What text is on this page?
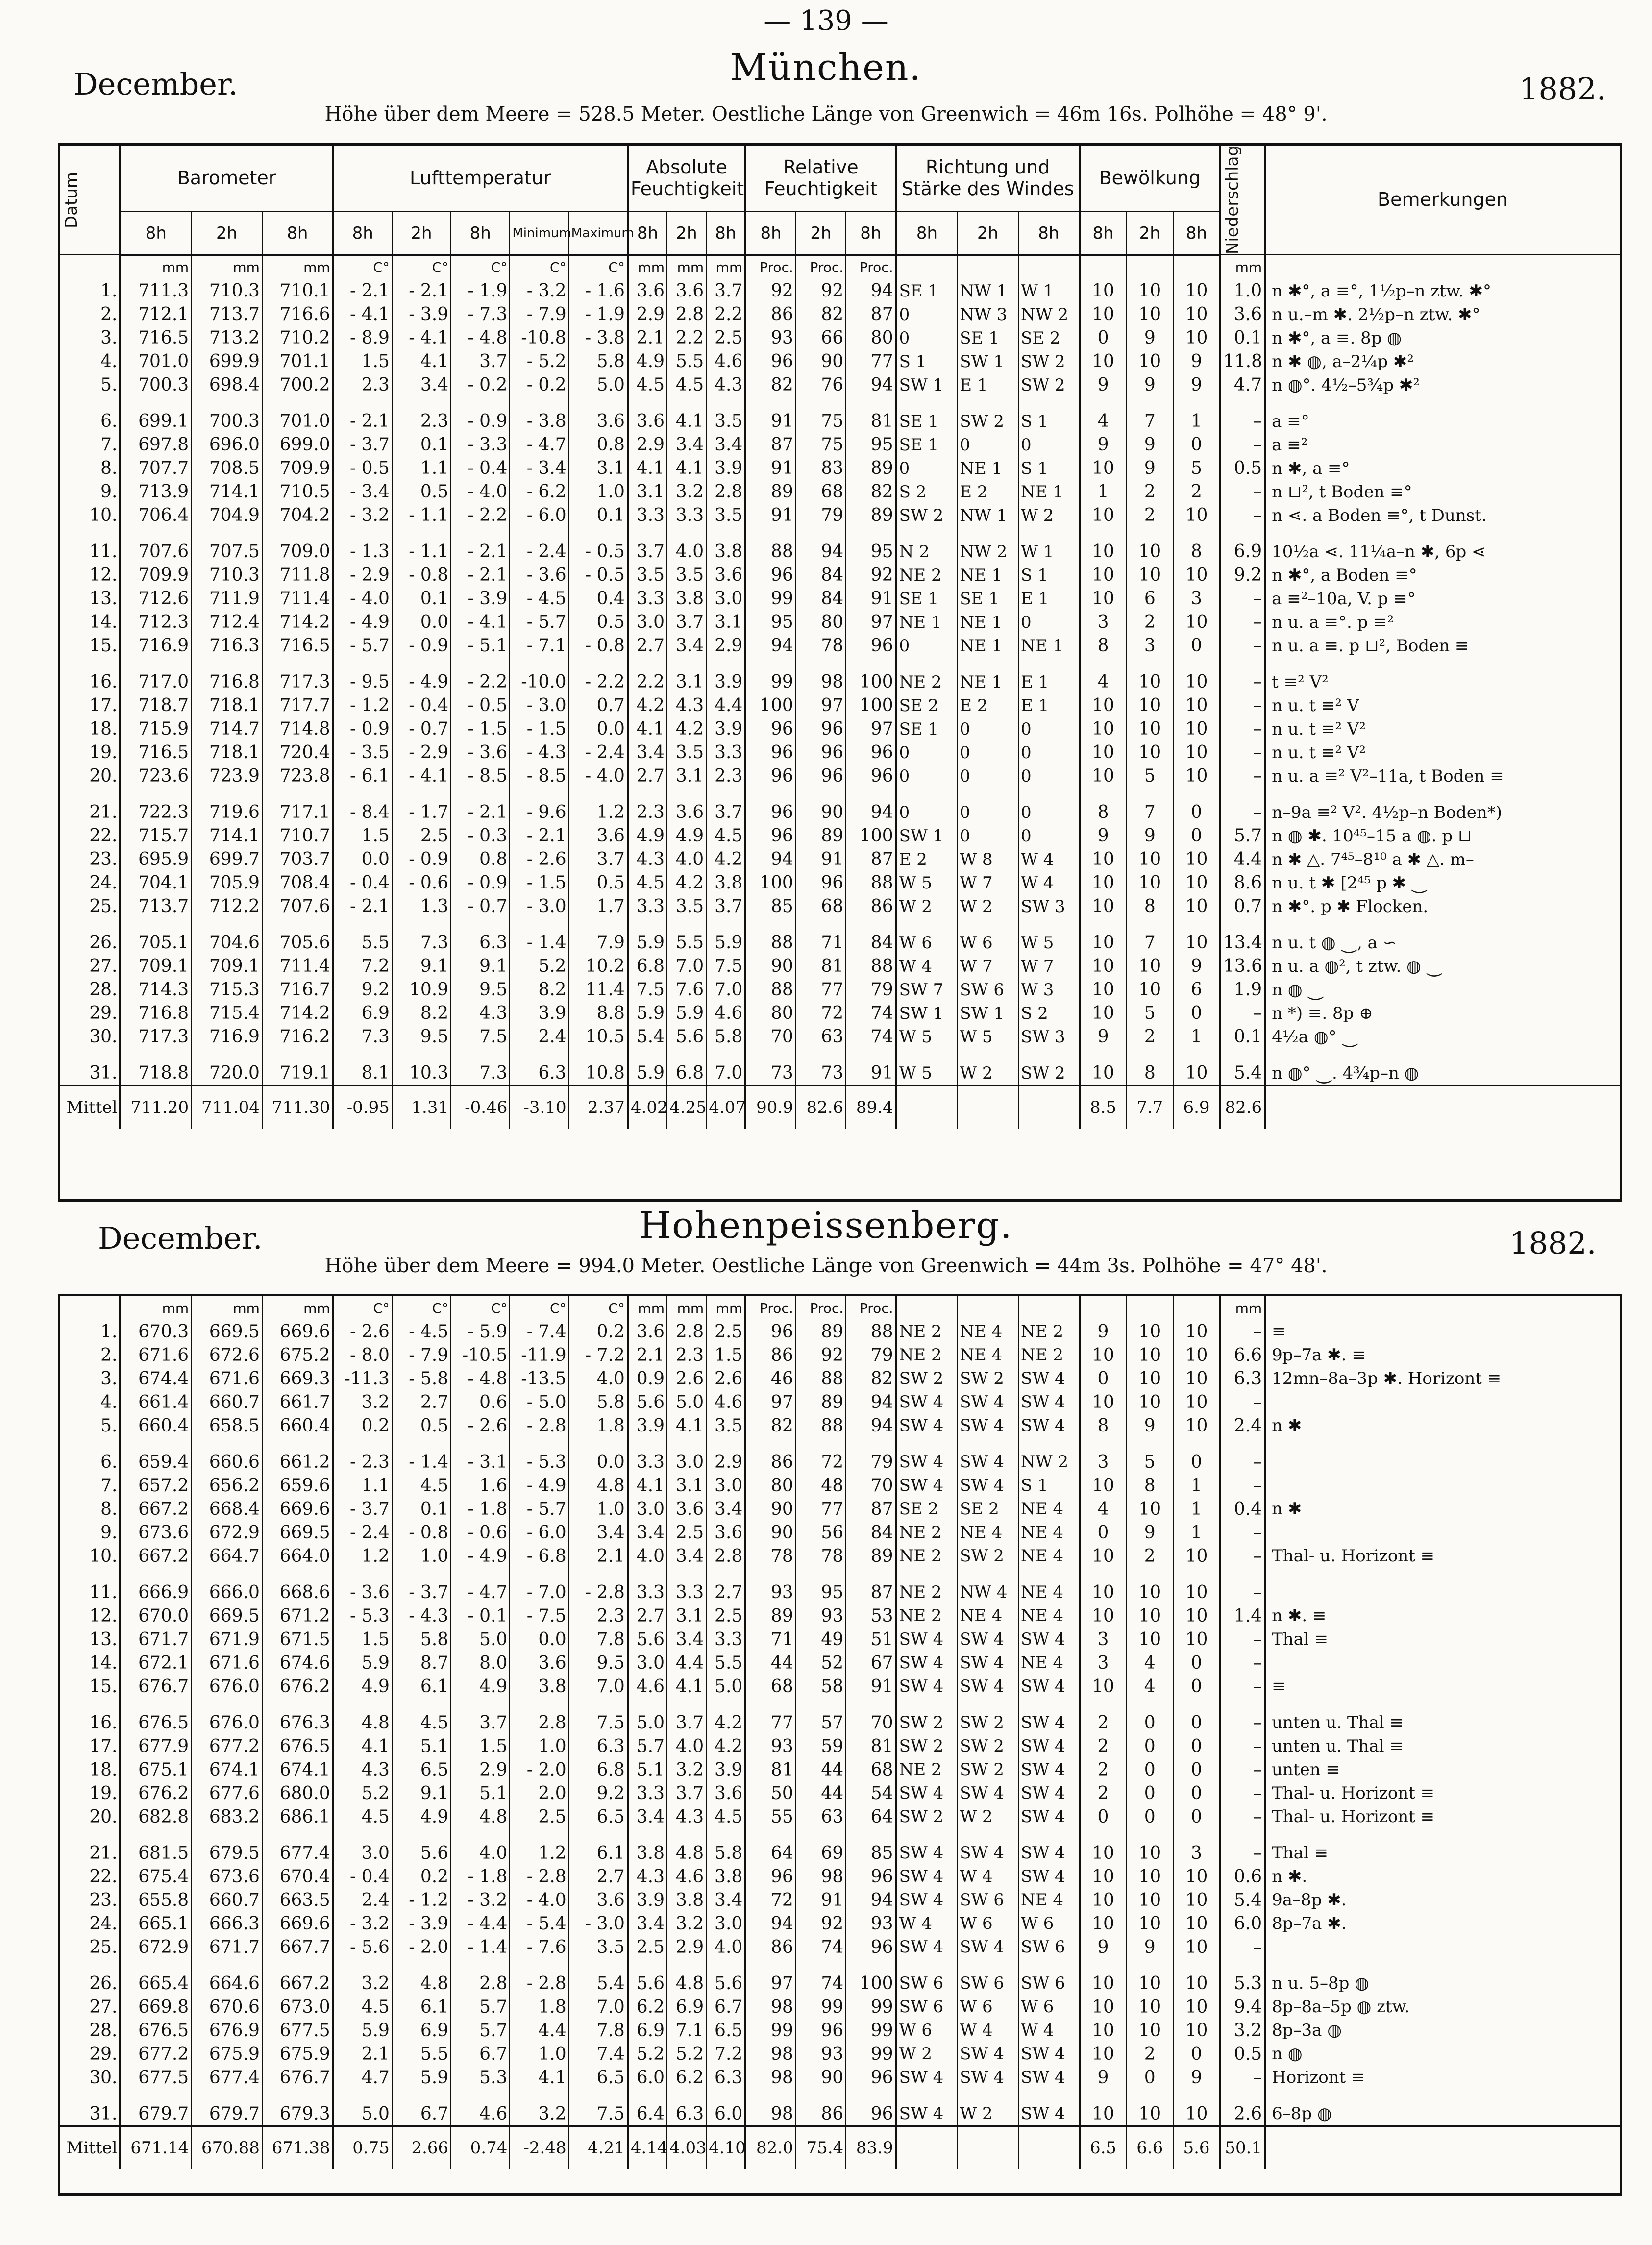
— 139 —
December.	München.
1882.
Höhe über dem Meere = 528.5 Meter. Oestliche Länge von Greenwich = 46m 16s. Polhöhe = 48° 9'.
Datum	Barometer			Lufttemperatur					Absolute Feuchtigkeit			Relative Feuchtigkeit			Richtung und Stärke des Windes			Bewölkung			Niederschlag	Bemerkungen
	8h	2h	8h	8h	2h	8h	Minimum	Maximum	8h	2h	8h	8h	2h	8h	8h	2h	8h	8h	2h	8h		
	mm	mm	mm	C°	C°	C°	C°	C°	mm	mm	mm	Proc.	Proc.	Proc.							mm	
1.	711.3	710.3	710.1	- 2.1	- 2.1	- 1.9	- 3.2	- 1.6	3.6	3.6	3.7	92	92	94	SE 1	NW 1	W 1	10	10	10	1.0	n ✱°, a ≡°, 1½p–n ztw. ✱°
2.	712.1	713.7	716.6	- 4.1	- 3.9	- 7.3	- 7.9	- 1.9	2.9	2.8	2.2	86	82	87	0	NW 3	NW 2	10	10	10	3.6	n u.–m ✱. 2½p–n ztw. ✱°
3.	716.5	713.2	710.2	- 8.9	- 4.1	- 4.8	-10.8	- 3.8	2.1	2.2	2.5	93	66	80	0	SE 1	SE 2	0	9	10	0.1	n ✱°, a ≡. 8p ◍
4.	701.0	699.9	701.1	1.5	4.1	3.7	- 5.2	5.8	4.9	5.5	4.6	96	90	77	S 1	SW 1	SW 2	10	10	9	11.8	n ✱ ◍, a–2¼p ✱²
5.	700.3	698.4	700.2	2.3	3.4	- 0.2	- 0.2	5.0	4.5	4.5	4.3	82	76	94	SW 1	E 1	SW 2	9	9	9	4.7	n ◍°. 4½–5¾p ✱²
6.	699.1	700.3	701.0	- 2.1	2.3	- 0.9	- 3.8	3.6	3.6	4.1	3.5	91	75	81	SE 1	SW 2	S 1	4	7	1	–	a ≡°
7.	697.8	696.0	699.0	- 3.7	0.1	- 3.3	- 4.7	0.8	2.9	3.4	3.4	87	75	95	SE 1	0	0	9	9	0	–	a ≡²
8.	707.7	708.5	709.9	- 0.5	1.1	- 0.4	- 3.4	3.1	4.1	4.1	3.9	91	83	89	0	NE 1	S 1	10	9	5	0.5	n ✱, a ≡°
9.	713.9	714.1	710.5	- 3.4	0.5	- 4.0	- 6.2	1.0	3.1	3.2	2.8	89	68	82	S 2	E 2	NE 1	1	2	2	–	n ⊔², t Boden ≡°
10.	706.4	704.9	704.2	- 3.2	- 1.1	- 2.2	- 6.0	0.1	3.3	3.3	3.5	91	79	89	SW 2	NW 1	W 2	10	2	10	–	n ⋖. a Boden ≡°, t Dunst.
11.	707.6	707.5	709.0	- 1.3	- 1.1	- 2.1	- 2.4	- 0.5	3.7	4.0	3.8	88	94	95	N 2	NW 2	W 1	10	10	8	6.9	10½a ⋖. 11¼a–n ✱, 6p ⋖
12.	709.9	710.3	711.8	- 2.9	- 0.8	- 2.1	- 3.6	- 0.5	3.5	3.5	3.6	96	84	92	NE 2	NE 1	S 1	10	10	10	9.2	n ✱°, a Boden ≡°
13.	712.6	711.9	711.4	- 4.0	0.1	- 3.9	- 4.5	0.4	3.3	3.8	3.0	99	84	91	SE 1	SE 1	E 1	10	6	3	–	a ≡²–10a, V. p ≡°
14.	712.3	712.4	714.2	- 4.9	0.0	- 4.1	- 5.7	0.5	3.0	3.7	3.1	95	80	97	NE 1	NE 1	0	3	2	10	–	n u. a ≡°. p ≡²
15.	716.9	716.3	716.5	- 5.7	- 0.9	- 5.1	- 7.1	- 0.8	2.7	3.4	2.9	94	78	96	0	NE 1	NE 1	8	3	0	–	n u. a ≡. p ⊔², Boden ≡
16.	717.0	716.8	717.3	- 9.5	- 4.9	- 2.2	-10.0	- 2.2	2.2	3.1	3.9	99	98	100	NE 2	NE 1	E 1	4	10	10	–	t ≡² V²
17.	718.7	718.1	717.7	- 1.2	- 0.4	- 0.5	- 3.0	0.7	4.2	4.3	4.4	100	97	100	SE 2	E 2	E 1	10	10	10	–	n u. t ≡² V
18.	715.9	714.7	714.8	- 0.9	- 0.7	- 1.5	- 1.5	0.0	4.1	4.2	3.9	96	96	97	SE 1	0	0	10	10	10	–	n u. t ≡² V²
19.	716.5	718.1	720.4	- 3.5	- 2.9	- 3.6	- 4.3	- 2.4	3.4	3.5	3.3	96	96	96	0	0	0	10	10	10	–	n u. t ≡² V²
20.	723.6	723.9	723.8	- 6.1	- 4.1	- 8.5	- 8.5	- 4.0	2.7	3.1	2.3	96	96	96	0	0	0	10	5	10	–	n u. a ≡² V²–11a, t Boden ≡
21.	722.3	719.6	717.1	- 8.4	- 1.7	- 2.1	- 9.6	1.2	2.3	3.6	3.7	96	90	94	0	0	0	8	7	0	–	n–9a ≡² V². 4½p–n Boden*)
22.	715.7	714.1	710.7	1.5	2.5	- 0.3	- 2.1	3.6	4.9	4.9	4.5	96	89	100	SW 1	0	0	9	9	0	5.7	n ◍ ✱. 10⁴⁵–15 a ◍. p ⊔
23.	695.9	699.7	703.7	0.0	- 0.9	0.8	- 2.6	3.7	4.3	4.0	4.2	94	91	87	E 2	W 8	W 4	10	10	10	4.4	n ✱ △. 7⁴⁵–8¹⁰ a ✱ △. m–
24.	704.1	705.9	708.4	- 0.4	- 0.6	- 0.9	- 1.5	0.5	4.5	4.2	3.8	100	96	88	W 5	W 7	W 4	10	10	10	8.6	n u. t ✱ [2⁴⁵ p ✱ ⏝
25.	713.7	712.2	707.6	- 2.1	1.3	- 0.7	- 3.0	1.7	3.3	3.5	3.7	85	68	86	W 2	W 2	SW 3	10	8	10	0.7	n ✱°. p ✱ Flocken.
26.	705.1	704.6	705.6	5.5	7.3	6.3	- 1.4	7.9	5.9	5.5	5.9	88	71	84	W 6	W 6	W 5	10	7	10	13.4	n u. t ◍ ⏝, a ∽
27.	709.1	709.1	711.4	7.2	9.1	9.1	5.2	10.2	6.8	7.0	7.5	90	81	88	W 4	W 7	W 7	10	10	9	13.6	n u. a ◍², t ztw. ◍ ⏝
28.	714.3	715.3	716.7	9.2	10.9	9.5	8.2	11.4	7.5	7.6	7.0	88	77	79	SW 7	SW 6	W 3	10	10	6	1.9	n ◍ ⏝
29.	716.8	715.4	714.2	6.9	8.2	4.3	3.9	8.8	5.9	5.9	4.6	80	72	74	SW 1	SW 1	S 2	10	5	0	–	n *) ≡. 8p ⊕
30.	717.3	716.9	716.2	7.3	9.5	7.5	2.4	10.5	5.4	5.6	5.8	70	63	74	W 5	W 5	SW 3	9	2	1	0.1	4½a ◍° ⏝
31.	718.8	720.0	719.1	8.1	10.3	7.3	6.3	10.8	5.9	6.8	7.0	73	73	91	W 5	W 2	SW 2	10	8	10	5.4	n ◍° ⏝. 4¾p–n ◍
Mittel	711.20	711.04	711.30	-0.95	1.31	-0.46	-3.10	2.37	4.02	4.25	4.07	90.9	82.6	89.4				8.5	7.7	6.9	82.6	
December.	Hohenpeissenberg.	1882.
Höhe über dem Meere = 994.0 Meter. Oestliche Länge von Greenwich = 44m 3s. Polhöhe = 47° 48'.
	mm	mm	mm	C°	C°	C°	C°	C°	mm	mm	mm	Proc.	Proc.	Proc.							mm	
1.	670.3	669.5	669.6	- 2.6	- 4.5	- 5.9	- 7.4	0.2	3.6	2.8	2.5	96	89	88	NE 2	NE 4	NE 2	9	10	10	–	≡
2.	671.6	672.6	675.2	- 8.0	- 7.9	-10.5	-11.9	- 7.2	2.1	2.3	1.5	86	92	79	NE 2	NE 4	NE 2	10	10	10	6.6	9p–7a ✱. ≡
3.	674.4	671.6	669.3	-11.3	- 5.8	- 4.8	-13.5	4.0	0.9	2.6	2.6	46	88	82	SW 2	SW 2	SW 4	0	10	10	6.3	12mn–8a–3p ✱. Horizont ≡
4.	661.4	660.7	661.7	3.2	2.7	0.6	- 5.0	5.8	5.6	5.0	4.6	97	89	94	SW 4	SW 4	SW 4	10	10	10	–	
5.	660.4	658.5	660.4	0.2	0.5	- 2.6	- 2.8	1.8	3.9	4.1	3.5	82	88	94	SW 4	SW 4	SW 4	8	9	10	2.4	n ✱
6.	659.4	660.6	661.2	- 2.3	- 1.4	- 3.1	- 5.3	0.0	3.3	3.0	2.9	86	72	79	SW 4	SW 4	NW 2	3	5	0	–	
7.	657.2	656.2	659.6	1.1	4.5	1.6	- 4.9	4.8	4.1	3.1	3.0	80	48	70	SW 4	SW 4	S 1	10	8	1	–	
8.	667.2	668.4	669.6	- 3.7	0.1	- 1.8	- 5.7	1.0	3.0	3.6	3.4	90	77	87	SE 2	SE 2	NE 4	4	10	1	0.4	n ✱
9.	673.6	672.9	669.5	- 2.4	- 0.8	- 0.6	- 6.0	3.4	3.4	2.5	3.6	90	56	84	NE 2	NE 4	NE 4	0	9	1	–	
10.	667.2	664.7	664.0	1.2	1.0	- 4.9	- 6.8	2.1	4.0	3.4	2.8	78	78	89	NE 2	SW 2	NE 4	10	2	10	–	Thal- u. Horizont ≡
11.	666.9	666.0	668.6	- 3.6	- 3.7	- 4.7	- 7.0	- 2.8	3.3	3.3	2.7	93	95	87	NE 2	NW 4	NE 4	10	10	10	–	
12.	670.0	669.5	671.2	- 5.3	- 4.3	- 0.1	- 7.5	2.3	2.7	3.1	2.5	89	93	53	NE 2	NE 4	NE 4	10	10	10	1.4	n ✱. ≡
13.	671.7	671.9	671.5	1.5	5.8	5.0	0.0	7.8	5.6	3.4	3.3	71	49	51	SW 4	SW 4	SW 4	3	10	10	–	Thal ≡
14.	672.1	671.6	674.6	5.9	8.7	8.0	3.6	9.5	3.0	4.4	5.5	44	52	67	SW 4	SW 4	NE 4	3	4	0	–	
15.	676.7	676.0	676.2	4.9	6.1	4.9	3.8	7.0	4.6	4.1	5.0	68	58	91	SW 4	SW 4	SW 4	10	4	0	–	≡
16.	676.5	676.0	676.3	4.8	4.5	3.7	2.8	7.5	5.0	3.7	4.2	77	57	70	SW 2	SW 2	SW 4	2	0	0	–	unten u. Thal ≡
17.	677.9	677.2	676.5	4.1	5.1	1.5	1.0	6.3	5.7	4.0	4.2	93	59	81	SW 2	SW 2	SW 4	2	0	0	–	unten u. Thal ≡
18.	675.1	674.1	674.1	4.3	6.5	2.9	- 2.0	6.8	5.1	3.2	3.9	81	44	68	NE 2	SW 2	SW 4	2	0	0	–	unten ≡
19.	676.2	677.6	680.0	5.2	9.1	5.1	2.0	9.2	3.3	3.7	3.6	50	44	54	SW 4	SW 4	SW 4	2	0	0	–	Thal- u. Horizont ≡
20.	682.8	683.2	686.1	4.5	4.9	4.8	2.5	6.5	3.4	4.3	4.5	55	63	64	SW 2	W 2	SW 4	0	0	0	–	Thal- u. Horizont ≡
21.	681.5	679.5	677.4	3.0	5.6	4.0	1.2	6.1	3.8	4.8	5.8	64	69	85	SW 4	SW 4	SW 4	10	10	3	–	Thal ≡
22.	675.4	673.6	670.4	- 0.4	0.2	- 1.8	- 2.8	2.7	4.3	4.6	3.8	96	98	96	SW 4	W 4	SW 4	10	10	10	0.6	n ✱.
23.	655.8	660.7	663.5	2.4	- 1.2	- 3.2	- 4.0	3.6	3.9	3.8	3.4	72	91	94	SW 4	SW 6	NE 4	10	10	10	5.4	9a–8p ✱.
24.	665.1	666.3	669.6	- 3.2	- 3.9	- 4.4	- 5.4	- 3.0	3.4	3.2	3.0	94	92	93	W 4	W 6	W 6	10	10	10	6.0	8p–7a ✱.
25.	672.9	671.7	667.7	- 5.6	- 2.0	- 1.4	- 7.6	3.5	2.5	2.9	4.0	86	74	96	SW 4	SW 4	SW 6	9	9	10	–	
26.	665.4	664.6	667.2	3.2	4.8	2.8	- 2.8	5.4	5.6	4.8	5.6	97	74	100	SW 6	SW 6	SW 6	10	10	10	5.3	n u. 5–8p ◍
27.	669.8	670.6	673.0	4.5	6.1	5.7	1.8	7.0	6.2	6.9	6.7	98	99	99	SW 6	W 6	W 6	10	10	10	9.4	8p–8a–5p ◍ ztw.
28.	676.5	676.9	677.5	5.9	6.9	5.7	4.4	7.8	6.9	7.1	6.5	99	96	99	W 6	W 4	W 4	10	10	10	3.2	8p–3a ◍
29.	677.2	675.9	675.9	2.1	5.5	6.7	1.0	7.4	5.2	5.2	7.2	98	93	99	W 2	SW 4	SW 4	10	2	0	0.5	n ◍
30.	677.5	677.4	676.7	4.7	5.9	5.3	4.1	6.5	6.0	6.2	6.3	98	90	96	SW 4	SW 4	SW 4	9	0	9	–	Horizont ≡
31.	679.7	679.7	679.3	5.0	6.7	4.6	3.2	7.5	6.4	6.3	6.0	98	86	96	SW 4	W 2	SW 4	10	10	10	2.6	6–8p ◍
Mittel	671.14	670.88	671.38	0.75	2.66	0.74	-2.48	4.21	4.14	4.03	4.10	82.0	75.4	83.9				6.5	6.6	5.6	50.1	
